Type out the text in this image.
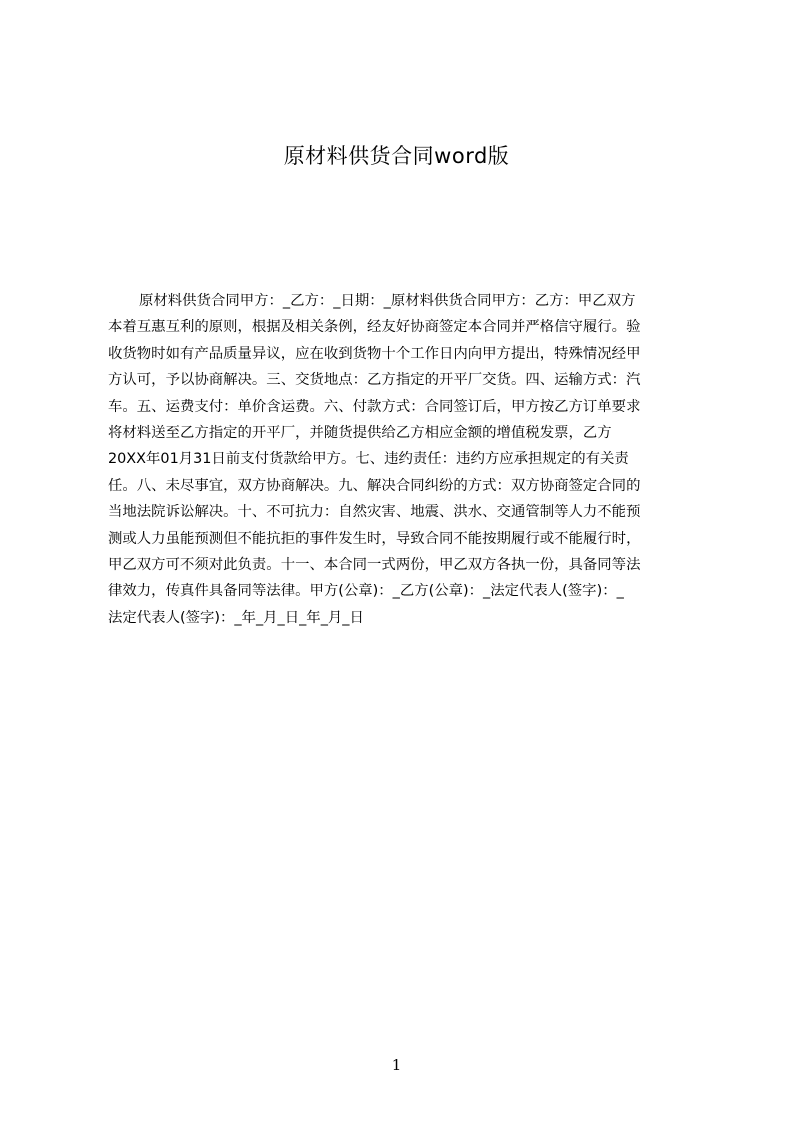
原材料供货合同word版
原材料供货合同甲方：_乙方：_日期：_原材料供货合同甲方：乙方：甲乙双方
本着互惠互利的原则，根据及相关条例，经友好协商签定本合同并严格信守履行。验
收货物时如有产品质量异议，应在收到货物十个工作日内向甲方提出，特殊情况经甲
方认可，予以协商解决。三、交货地点：乙方指定的开平厂交货。四、运输方式：汽
车。五、运费支付：单价含运费。六、付款方式：合同签订后，甲方按乙方订单要求
将材料送至乙方指定的开平厂，并随货提供给乙方相应金额的增值税发票，乙方
20XX年01月31日前支付货款给甲方。七、违约责任：违约方应承担规定的有关责
任。八、未尽事宜，双方协商解决。九、解决合同纠纷的方式：双方协商签定合同的
当地法院诉讼解决。十、不可抗力：自然灾害、地震、洪水、交通管制等人力不能预
测或人力虽能预测但不能抗拒的事件发生时，导致合同不能按期履行或不能履行时，
甲乙双方可不须对此负责。十一、本合同一式两份，甲乙双方各执一份，具备同等法
律效力，传真件具备同等法律。甲方(公章)：_乙方(公章)：_法定代表人(签字)：_
法定代表人(签字)：_年_月_日_年_月_日
1
